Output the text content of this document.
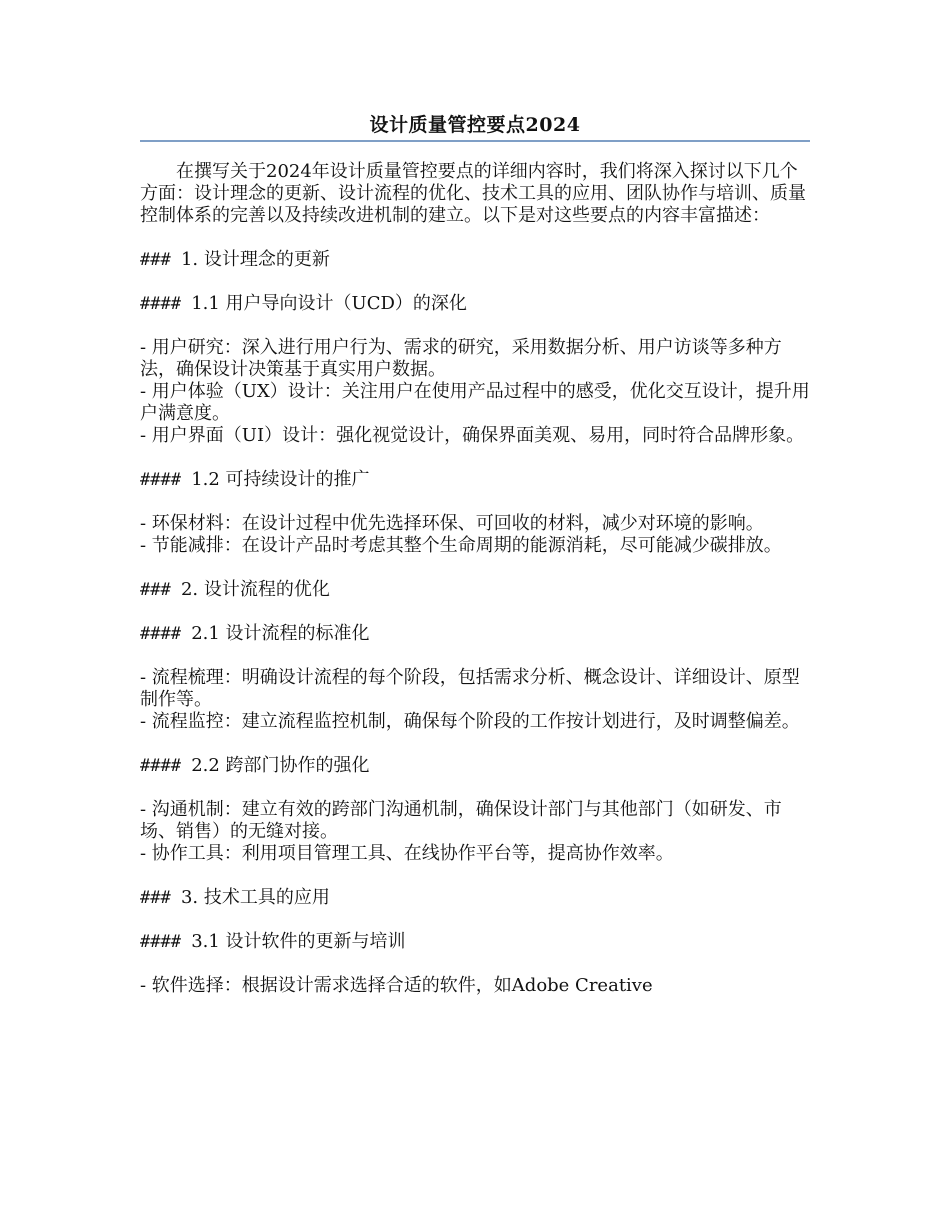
设计质量管控要点2024

在撰写关于2024年设计质量管控要点的详细内容时，我们将深入探讨以下几个方面：设计理念的更新、设计流程的优化、技术工具的应用、团队协作与培训、质量控制体系的完善以及持续改进机制的建立。以下是对这些要点的内容丰富描述：

### 1. 设计理念的更新

#### 1.1 用户导向设计（UCD）的深化

- 用户研究：深入进行用户行为、需求的研究，采用数据分析、用户访谈等多种方法，确保设计决策基于真实用户数据。

- 用户体验（UX）设计：关注用户在使用产品过程中的感受，优化交互设计，提升用户满意度。

- 用户界面（UI）设计：强化视觉设计，确保界面美观、易用，同时符合品牌形象。

#### 1.2 可持续设计的推广

- 环保材料：在设计过程中优先选择环保、可回收的材料，减少对环境的影响。

- 节能减排：在设计产品时考虑其整个生命周期的能源消耗，尽可能减少碳排放。

### 2. 设计流程的优化

#### 2.1 设计流程的标准化

- 流程梳理：明确设计流程的每个阶段，包括需求分析、概念设计、详细设计、原型制作等。

- 流程监控：建立流程监控机制，确保每个阶段的工作按计划进行，及时调整偏差。

#### 2.2 跨部门协作的强化

- 沟通机制：建立有效的跨部门沟通机制，确保设计部门与其他部门（如研发、市场、销售）的无缝对接。

- 协作工具：利用项目管理工具、在线协作平台等，提高协作效率。

### 3. 技术工具的应用

#### 3.1 设计软件的更新与培训

- 软件选择：根据设计需求选择合适的软件，如Adobe Creative
